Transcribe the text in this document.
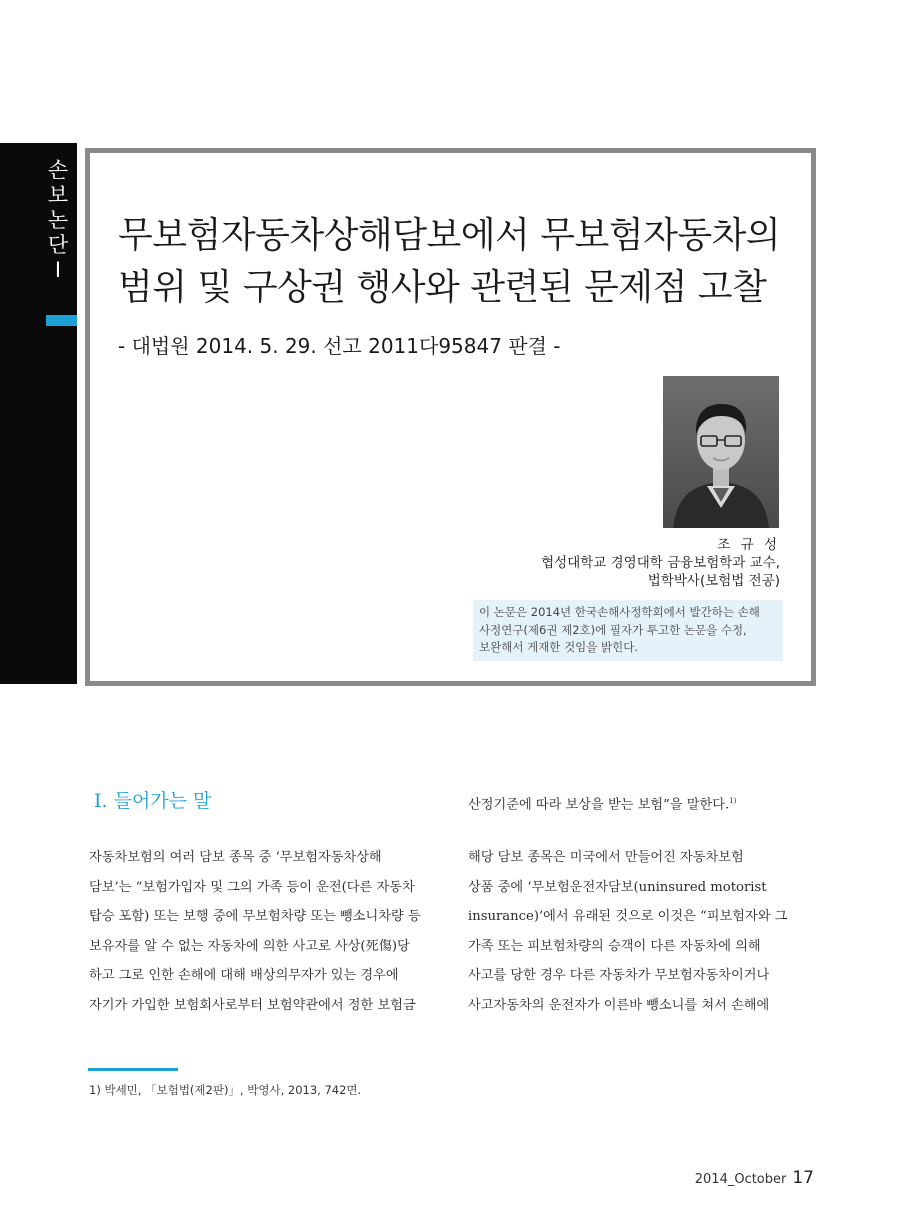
손
보
논
단
Ⅰ
무보험자동차상해담보에서 무보험자동차의
범위 및 구상권 행사와 관련된 문제점 고찰
- 대법원 2014. 5. 29. 선고 2011다95847 판결 -
조 규 성
협성대학교 경영대학 금융보험학과 교수,
법학박사(보험법 전공)
이 논문은 2014년 한국손해사정학회에서 발간하는 손해
사정연구(제6권 제2호)에 필자가 투고한 논문을 수정,
보완해서 게재한 것임을 밝힌다.
Ⅰ. 들어가는 말
자동차보험의 여러 담보 종목 중 ‘무보험자동차상해
담보’는 “보험가입자 및 그의 가족 등이 운전(다른 자동차
탑승 포함) 또는 보행 중에 무보험차량 또는 뺑소니차량 등
보유자를 알 수 없는 자동차에 의한 사고로 사상(死傷)당
하고 그로 인한 손해에 대해 배상의무자가 있는 경우에
자기가 가입한 보험회사로부터 보험약관에서 정한 보험금
산정기준에 따라 보상을 받는 보험”을 말한다.$^{1)}$
해당 담보 종목은 미국에서 만들어진 자동차보험
상품 중에 ‘무보험운전자담보(uninsured motorist
insurance)’에서 유래된 것으로 이것은 “피보험자와 그
가족 또는 피보험차량의 승객이 다른 자동차에 의해
사고를 당한 경우 다른 자동차가 무보험자동차이거나
사고자동차의 운전자가 이른바 뺑소니를 쳐서 손해에
1) 박세민, 「보험법(제2판)」, 박영사, 2013, 742면.
2014_October 17
